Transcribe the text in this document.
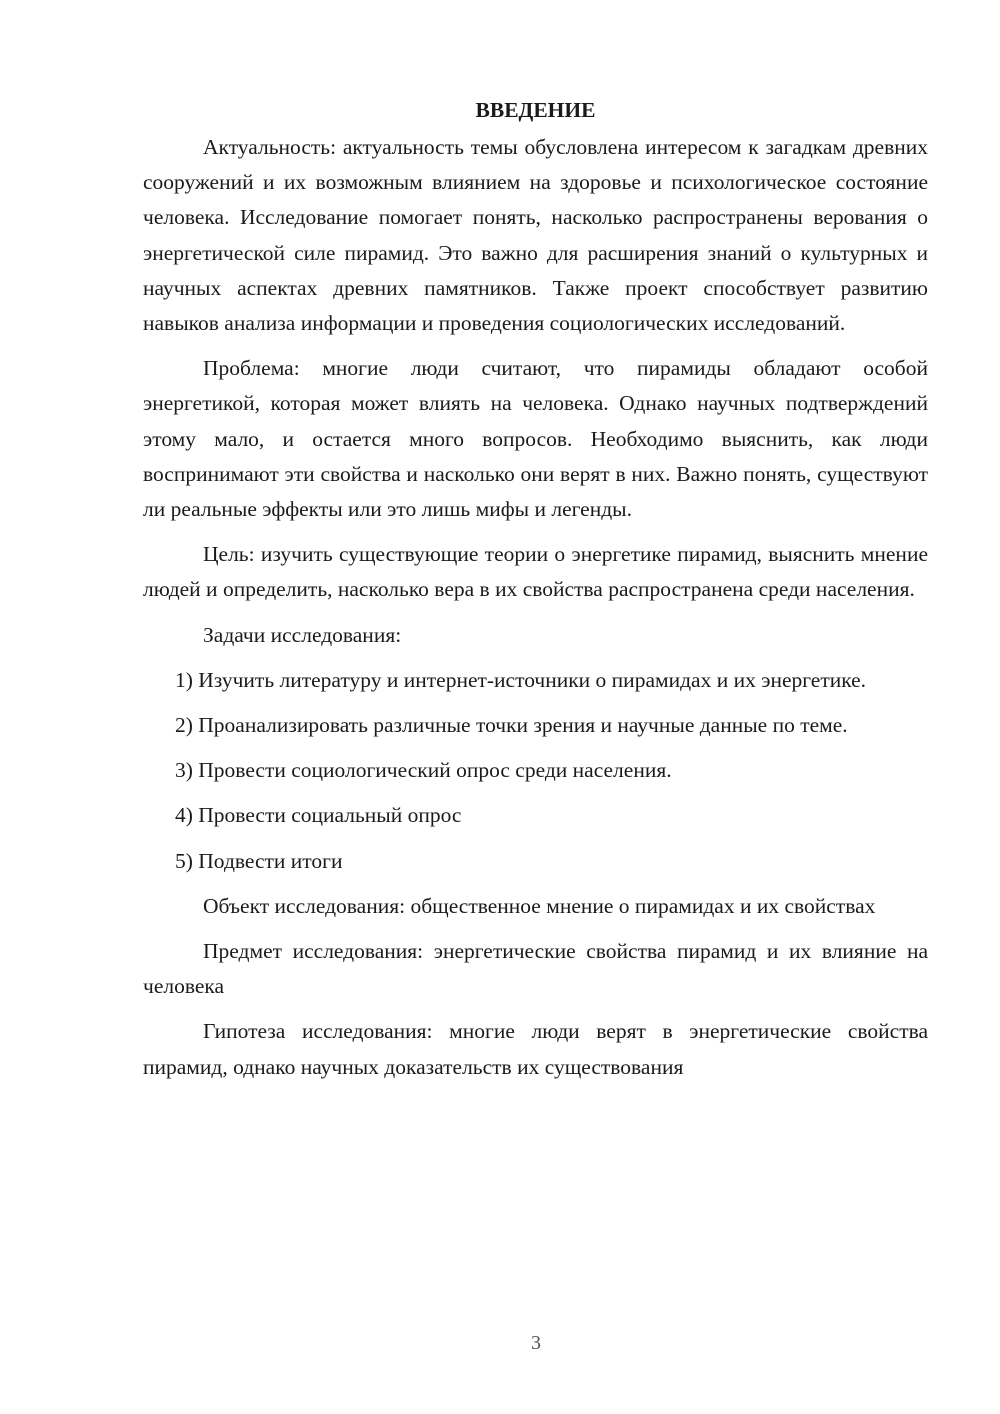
ВВЕДЕНИЕ

Актуальность: актуальность темы обусловлена интересом к загадкам древних сооружений и их возможным влиянием на здоровье и психологическое состояние человека. Исследование помогает понять, насколько распространены верования о энергетической силе пирамид. Это важно для расширения знаний о культурных и научных аспектах древних памятников. Также проект способствует развитию навыков анализа информации и проведения социологических исследований.

Проблема: многие люди считают, что пирамиды обладают особой энергетикой, которая может влиять на человека. Однако научных подтверждений этому мало, и остается много вопросов. Необходимо выяснить, как люди воспринимают эти свойства и насколько они верят в них. Важно понять, существуют ли реальные эффекты или это лишь мифы и легенды.

Цель: изучить существующие теории о энергетике пирамид, выяснить мнение людей и определить, насколько вера в их свойства распространена среди населения.

Задачи исследования:

1) Изучить литературу и интернет-источники о пирамидах и их энергетике.

2) Проанализировать различные точки зрения и научные данные по теме.

3) Провести социологический опрос среди населения.

4) Провести социальный опрос

5) Подвести итоги

Объект исследования: общественное мнение о пирамидах и их свойствах

Предмет исследования: энергетические свойства пирамид и их влияние на человека

Гипотеза исследования: многие люди верят в энергетические свойства пирамид, однако научных доказательств их существования

3
